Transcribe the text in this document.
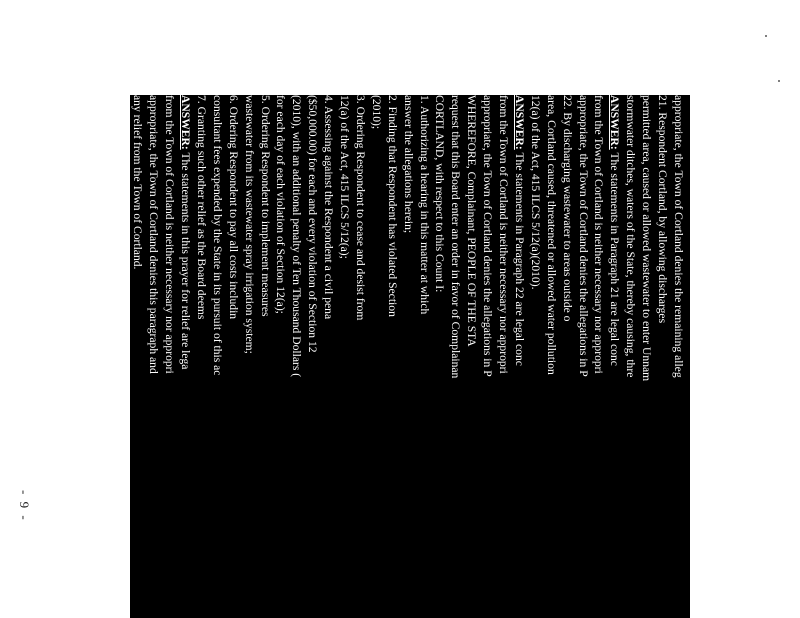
appropriate, the Town of Cortland denies the remaining alleg
21. Respondent Cortland, by allowing discharges
permitted area, caused or allowed wastewater to enter Unnam
stormwater ditches, waters of the State, thereby causing, thre
ANSWER: The statements in Paragraph 21 are legal conc
from the Town of Cortland is neither necessary nor appropri
appropriate, the Town of Cortland denies the allegations in P
22. By discharging wastewater to areas outside o
area, Cortland caused, threatened or allowed water pollution
12(a) of the Act, 415 ILCS 5/12(a)(2010).
ANSWER: The statements in Paragraph 22 are legal conc
from the Town of Cortland is neither necessary nor appropri
appropriate, the Town of Cortland denies the allegations in P
WHEREFORE, Complainant, PEOPLE OF THE STA
request that this Board enter an order in favor of Complainan
CORTLAND, with respect to this Count I:
1. Authorizing a hearing in this matter at which
answer the allegations herein;
2. Finding that Respondent has violated Section
(2010);
3. Ordering Respondent to cease and desist from
12(a) of the Act, 415 ILCS 5/12(a);
4. Assessing against the Respondent a civil pena
($50,000.00) for each and every violation of Section 12
(2010), with an additional penalty of Ten Thousand Dollars (
for each day of each violation of Section 12(a);
5. Ordering Respondent to implement measures
wastewater from its wastewater spray irrigation system;
6. Ordering Respondent to pay all costs includin
consultant fees expended by the State in its pursuit of this ac
7. Granting such other relief as the Board deems
ANSWER: The statements in this prayer for relief are lega
from the Town of Cortland is neither necessary nor appropri
appropriate, the Town of Cortland denies this paragraph and
any relief from the Town of Cortland.
- 9 -
